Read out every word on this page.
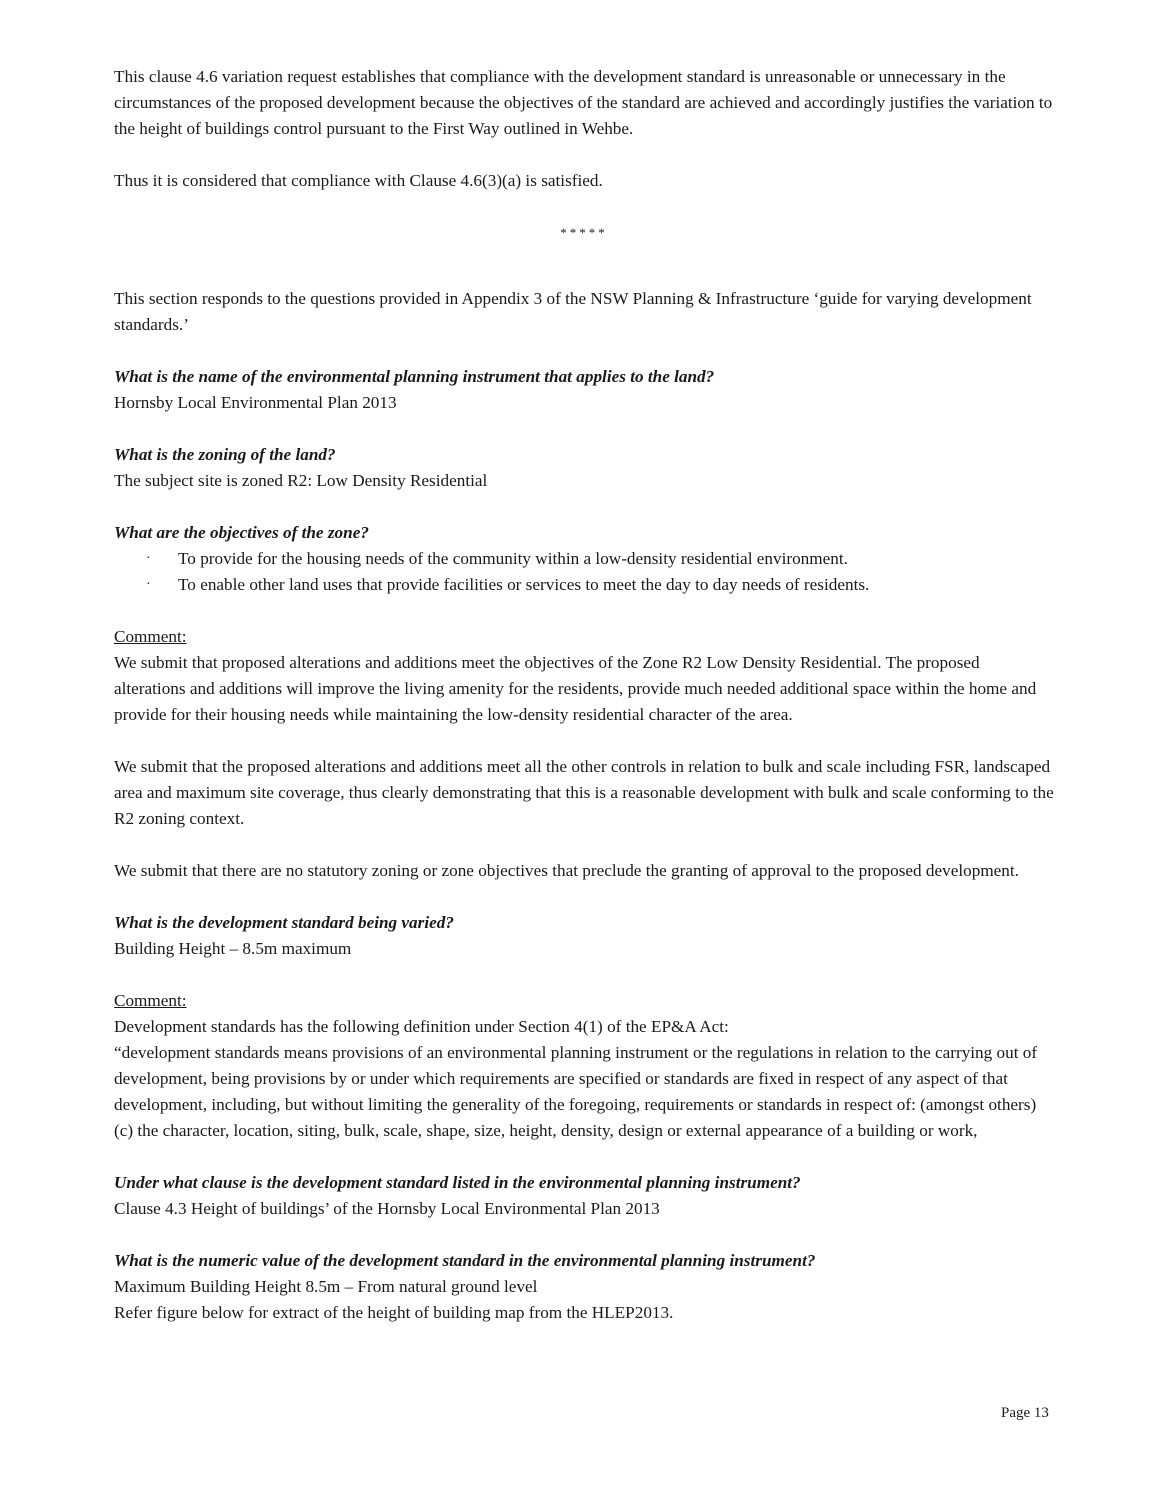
This clause 4.6 variation request establishes that compliance with the development standard is unreasonable or unnecessary in the circumstances of the proposed development because the objectives of the standard are achieved and accordingly justifies the variation to the height of buildings control pursuant to the First Way outlined in Wehbe.

Thus it is considered that compliance with Clause 4.6(3)(a) is satisfied.

*****

This section responds to the questions provided in Appendix 3 of the NSW Planning & Infrastructure ‘guide for varying development standards.’

What is the name of the environmental planning instrument that applies to the land?

Hornsby Local Environmental Plan 2013

What is the zoning of the land?

The subject site is zoned R2: Low Density Residential

What are the objectives of the zone?
· To provide for the housing needs of the community within a low-density residential environment.
· To enable other land uses that provide facilities or services to meet the day to day needs of residents.
Comment:

We submit that proposed alterations and additions meet the objectives of the Zone R2 Low Density Residential. The proposed alterations and additions will improve the living amenity for the residents, provide much needed additional space within the home and provide for their housing needs while maintaining the low-density residential character of the area.

We submit that the proposed alterations and additions meet all the other controls in relation to bulk and scale including FSR, landscaped area and maximum site coverage, thus clearly demonstrating that this is a reasonable development with bulk and scale conforming to the R2 zoning context.

We submit that there are no statutory zoning or zone objectives that preclude the granting of approval to the proposed development.

What is the development standard being varied?

Building Height – 8.5m maximum

Comment:
Development standards has the following definition under Section 4(1) of the EP&A Act:

“development standards means provisions of an environmental planning instrument or the regulations in relation to the carrying out of development, being provisions by or under which requirements are specified or standards are fixed in respect of any aspect of that development, including, but without limiting the generality of the foregoing, requirements or standards in respect of: (amongst others) (c) the character, location, siting, bulk, scale, shape, size, height, density, design or external appearance of a building or work,

Under what clause is the development standard listed in the environmental planning instrument?

Clause 4.3 Height of buildings’ of the Hornsby Local Environmental Plan 2013

What is the numeric value of the development standard in the environmental planning instrument?
Maximum Building Height 8.5m – From natural ground level
Refer figure below for extract of the height of building map from the HLEP2013.
Page 13
